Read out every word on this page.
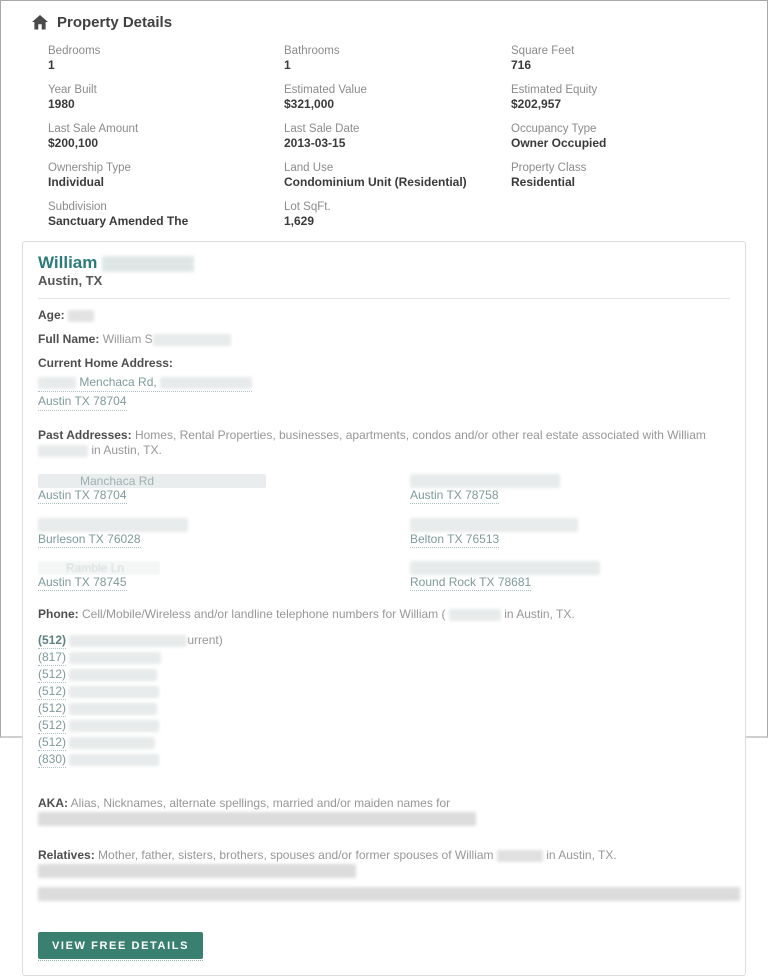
Property Details
Bedrooms
1
Bathrooms
1
Square Feet
716
Year Built
1980
Estimated Value
$321,000
Estimated Equity
$202,957
Last Sale Amount
$200,100
Last Sale Date
2013-03-15
Occupancy Type
Owner Occupied
Ownership Type
Individual
Land Use
Condominium Unit (Residential)
Property Class
Residential
Subdivision
Sanctuary Amended The
Lot SqFt.
1,629
William
Austin, TX
Age:
Full Name: William S
Current Home Address:
Menchaca Rd,
Austin TX 78704
Past Addresses: Homes, Rental Properties, businesses, apartments, condos and/or other real estate associated with William  in Austin, TX.
Manchaca Rd
Austin TX 78704	Austin TX 78758

Burleson TX 76028	Belton TX 76513
Ramble Ln
Austin TX 78745	Round Rock TX 78681
Phone: Cell/Mobile/Wireless and/or landline telephone numbers for William (	in Austin, TX.
(512)	urrent)
(817)
(512)
(512)
(512)
(512)
(512)
(830)
AKA: Alias, Nicknames, alternate spellings, married and/or maiden names for
Relatives: Mother, father, sisters, brothers, spouses and/or former spouses of William	in Austin, TX.
VIEW FREE DETAILS
